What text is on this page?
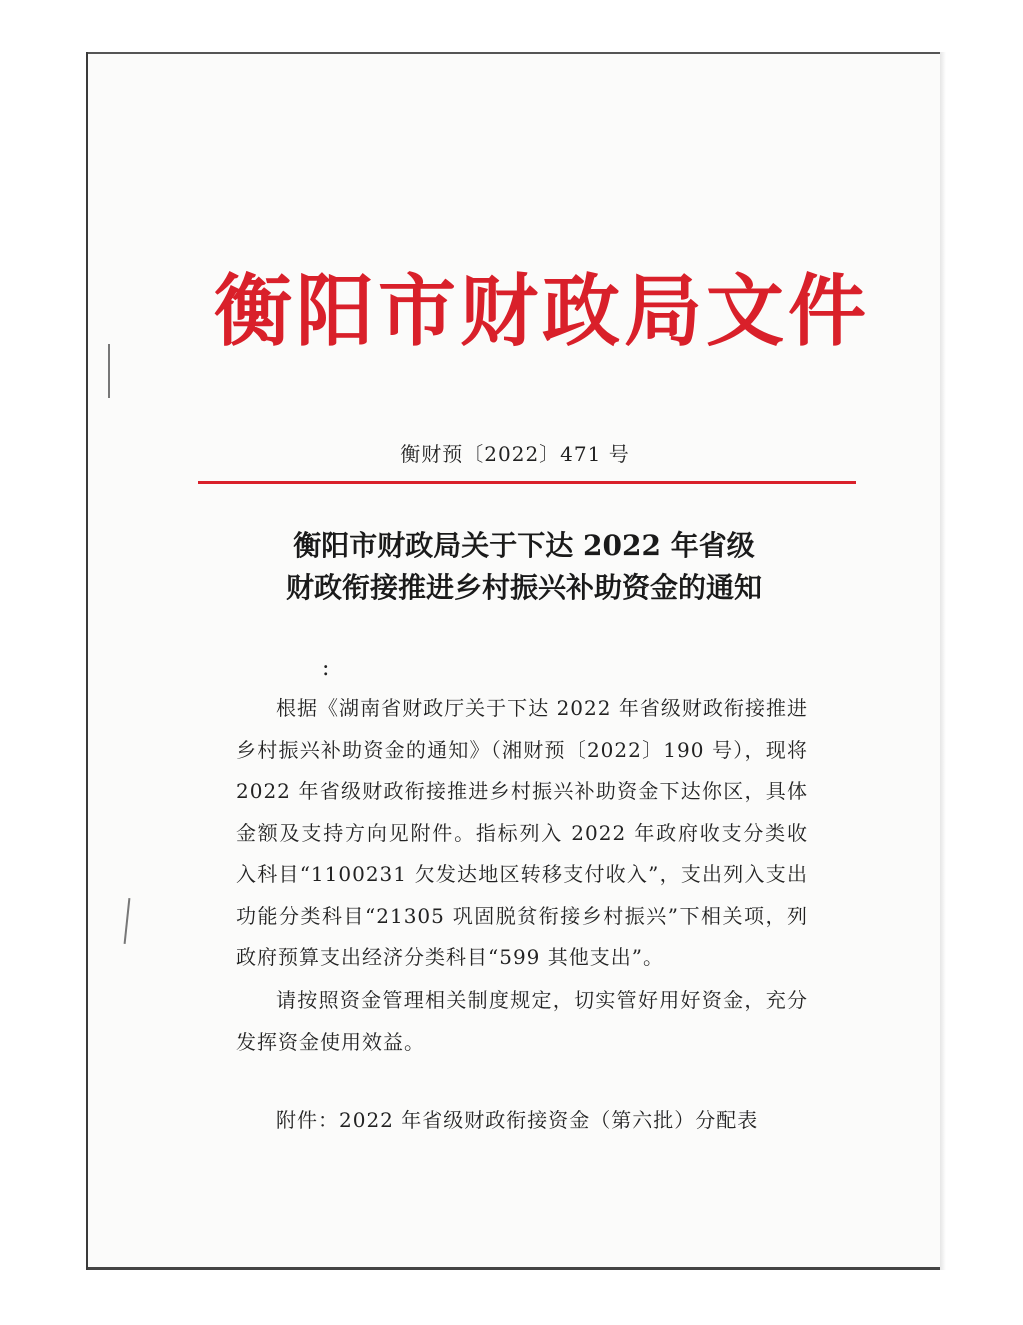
衡阳市财政局文件
衡财预〔2022〕471 号
衡阳市财政局关于下达 2022 年省级
财政衔接推进乡村振兴补助资金的通知
:

根据《湖南省财政厅关于下达 2022 年省级财政衔接推进乡村振兴补助资金的通知》（湘财预〔2022〕190 号），现将 2022 年省级财政衔接推进乡村振兴补助资金下达你区，具体金额及支持方向见附件。指标列入 2022 年政府收支分类收入科目“1100231 欠发达地区转移支付收入”，支出列入支出功能分类科目“21305 巩固脱贫衔接乡村振兴”下相关项，列政府预算支出经济分类科目“599 其他支出”。

请按照资金管理相关制度规定，切实管好用好资金，充分发挥资金使用效益。

附件：2022 年省级财政衔接资金（第六批）分配表
